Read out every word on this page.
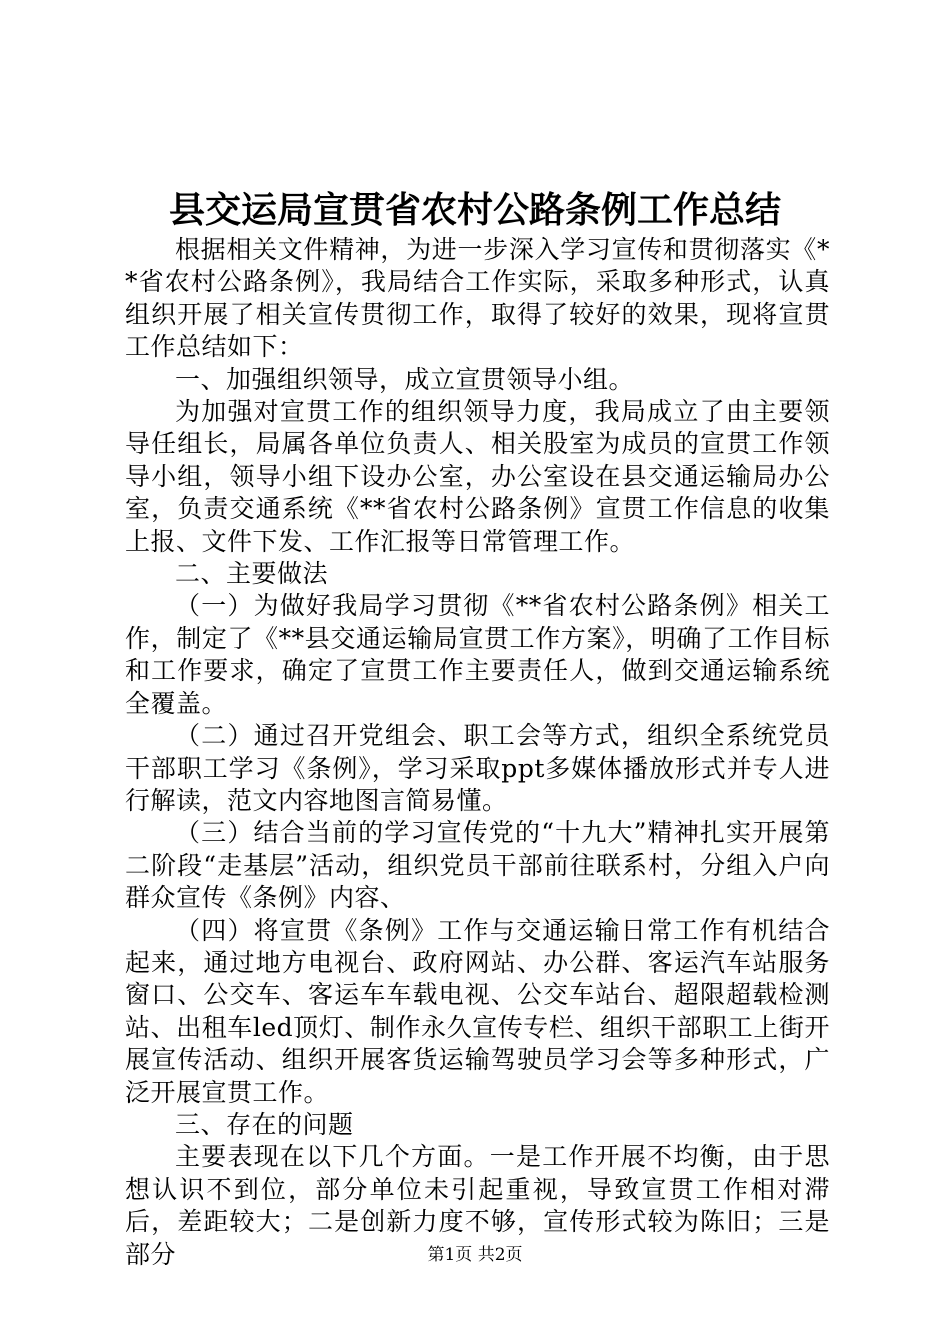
县交运局宣贯省农村公路条例工作总结

根据相关文件精神，为进一步深入学习宣传和贯彻落实《**省农村公路条例》，我局结合工作实际，采取多种形式，认真组织开展了相关宣传贯彻工作，取得了较好的效果，现将宣贯工作总结如下：

一、加强组织领导，成立宣贯领导小组。

为加强对宣贯工作的组织领导力度，我局成立了由主要领导任组长，局属各单位负责人、相关股室为成员的宣贯工作领导小组，领导小组下设办公室，办公室设在县交通运输局办公室，负责交通系统《**省农村公路条例》宣贯工作信息的收集上报、文件下发、工作汇报等日常管理工作。

二、主要做法

（一）为做好我局学习贯彻《**省农村公路条例》相关工作，制定了《**县交通运输局宣贯工作方案》，明确了工作目标和工作要求，确定了宣贯工作主要责任人，做到交通运输系统全覆盖。

（二）通过召开党组会、职工会等方式，组织全系统党员干部职工学习《条例》，学习采取ppt多媒体播放形式并专人进行解读，范文内容地图言简易懂。

（三）结合当前的学习宣传党的“十九大”精神扎实开展第二阶段“走基层”活动，组织党员干部前往联系村，分组入户向群众宣传《条例》内容、

（四）将宣贯《条例》工作与交通运输日常工作有机结合起来，通过地方电视台、政府网站、办公群、客运汽车站服务窗口、公交车、客运车车载电视、公交车站台、超限超载检测站、出租车led顶灯、制作永久宣传专栏、组织干部职工上街开展宣传活动、组织开展客货运输驾驶员学习会等多种形式，广泛开展宣贯工作。

三、存在的问题

主要表现在以下几个方面。一是工作开展不均衡，由于思想认识不到位，部分单位未引起重视，导致宣贯工作相对滞后，差距较大；二是创新力度不够，宣传形式较为陈旧；三是部分	第1页 共2页
